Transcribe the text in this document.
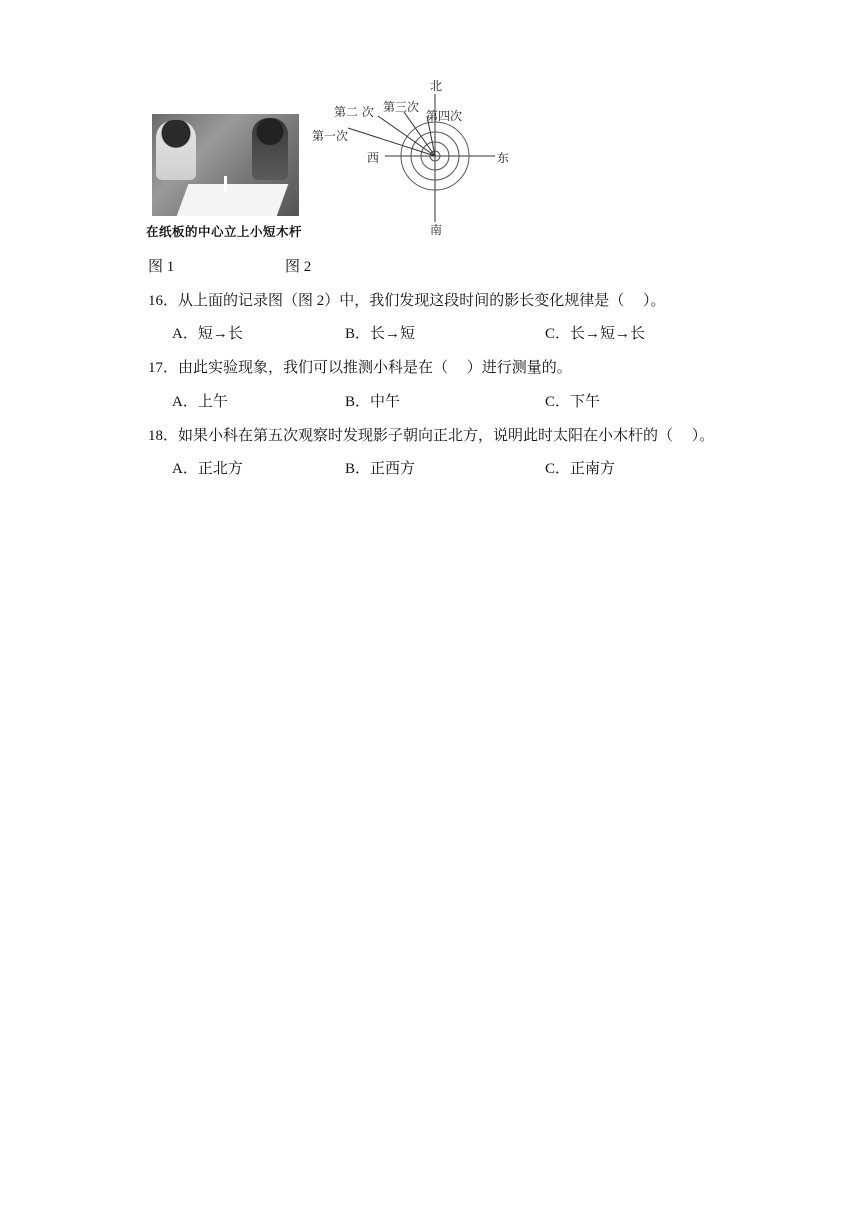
在纸板的中心立上小短木杆
北
南
东
西
第一次
第二 次 第三次
第四次
图 1	图 2
16．从上面的记录图（图 2）中，我们发现这段时间的影长变化规律是（　 ）。
A．短→长	B．长→短	C．长→短→长
17．由此实验现象，我们可以推测小科是在（　 ）进行测量的。
A．上午	B．中午	C．下午
18．如果小科在第五次观察时发现影子朝向正北方，说明此时太阳在小木杆的（　 ）。
A．正北方	B．正西方	C．正南方
